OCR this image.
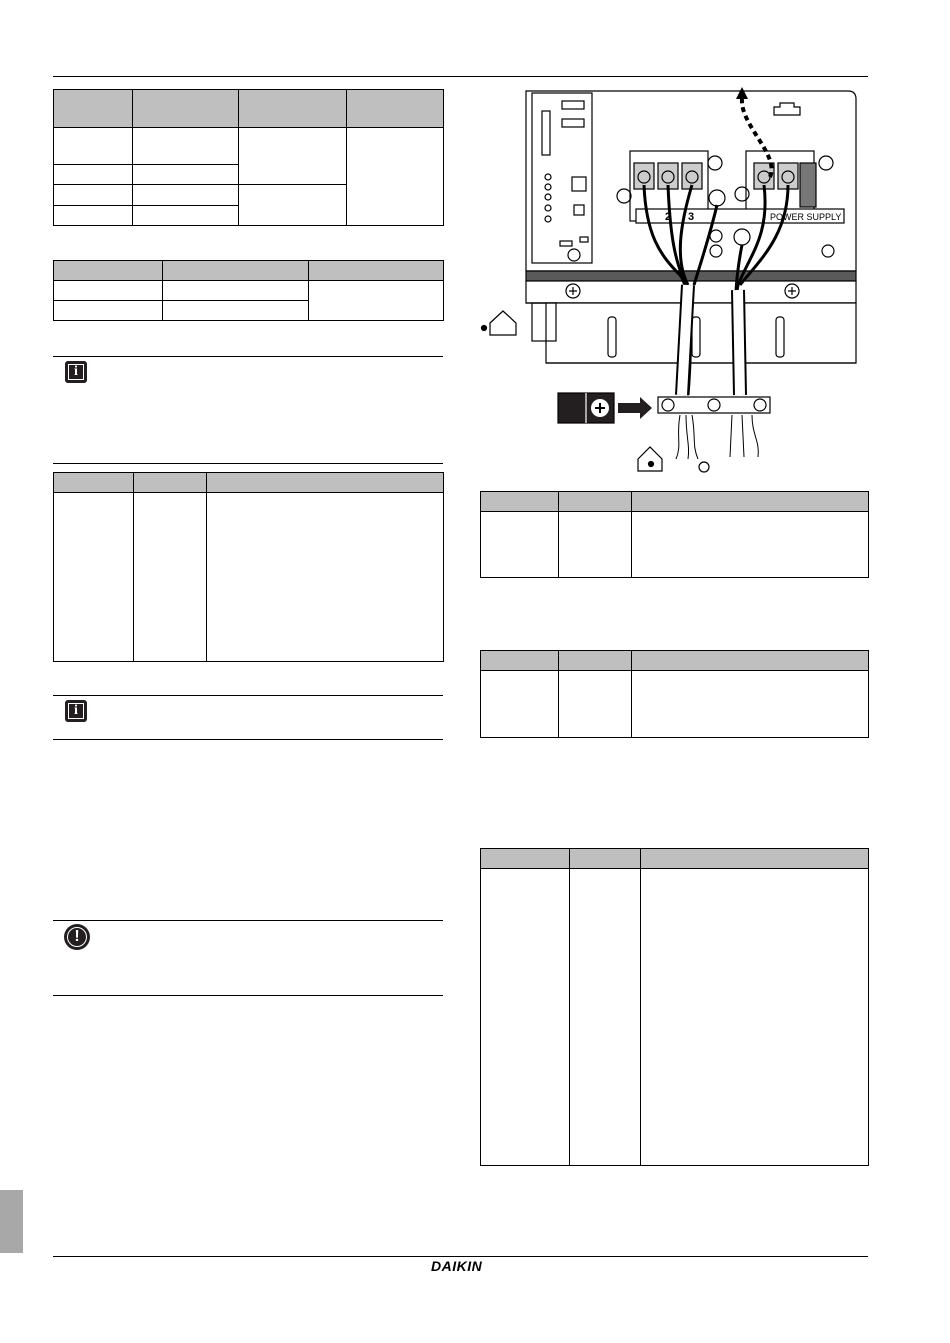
i

i
!
2 3	POWER SUPPLY

DAIKIN
